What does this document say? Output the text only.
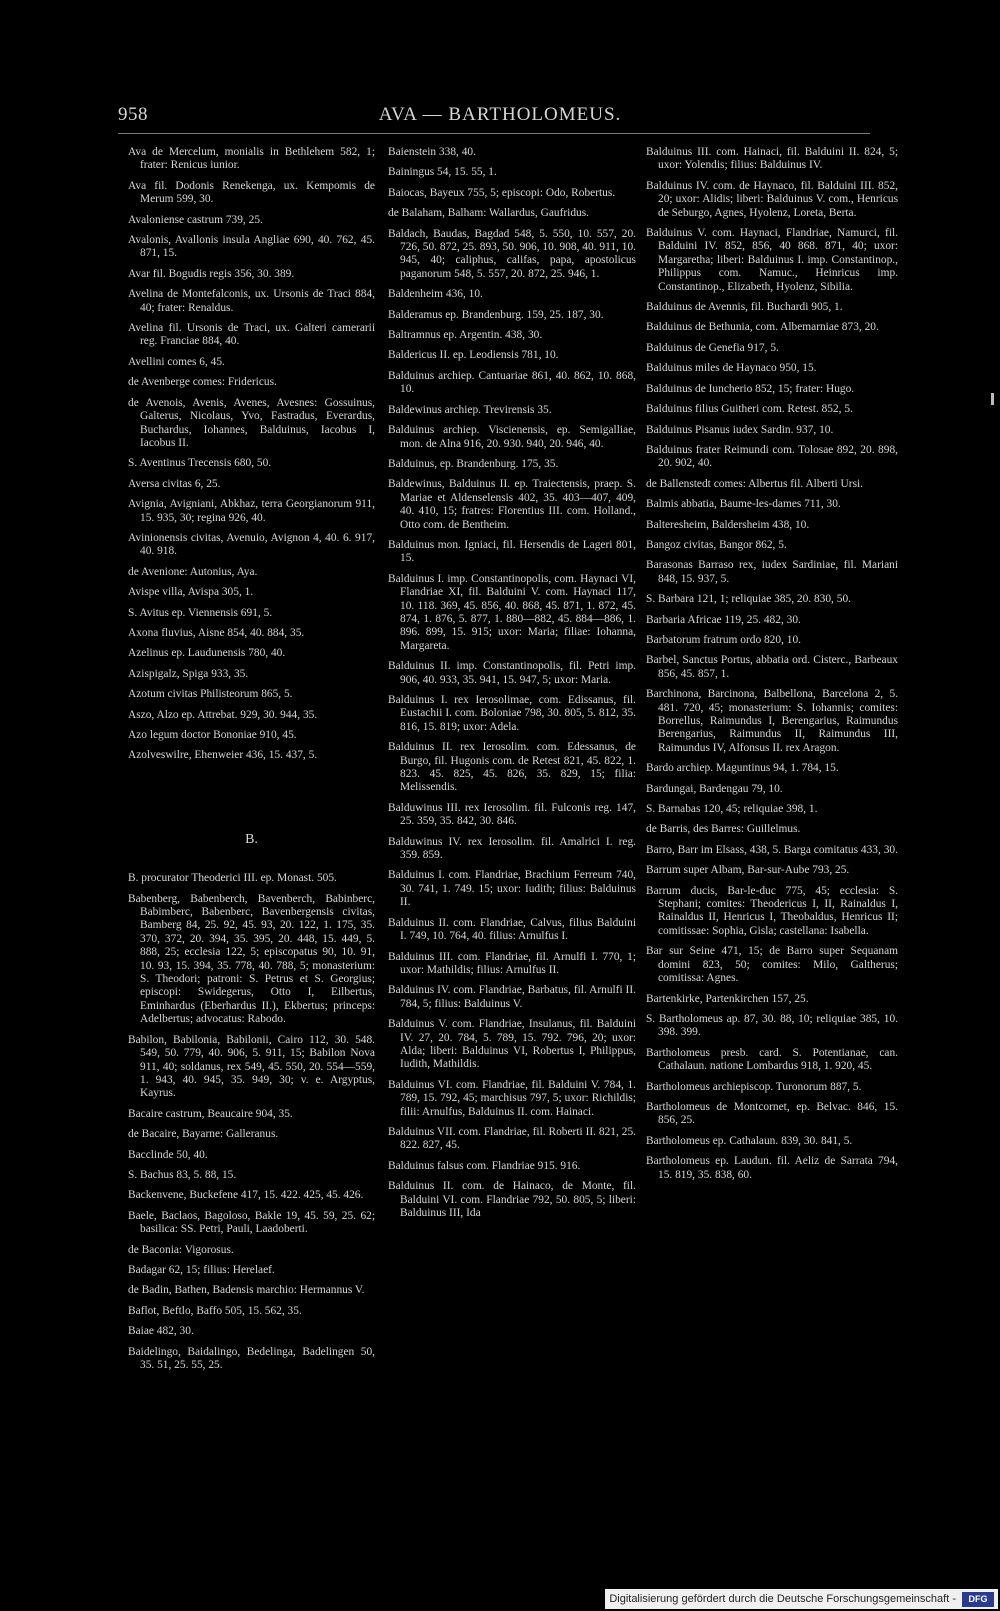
958	AVA — BARTHOLOMEUS.
Ava de Mercelum, monialis in Bethlehem 582, 1; frater: Renicus iunior.
Ava fil. Dodonis Renekenga, ux. Kempomis de Merum 599, 30.
Avaloniense castrum 739, 25.
Avalonis, Avallonis insula Angliae 690, 40. 762, 45. 871, 15.
Avar fil. Bogudis regis 356, 30. 389.
Avelina de Montefalconis, ux. Ursonis de Traci 884, 40; frater: Renaldus.
Avelina fil. Ursonis de Traci, ux. Galteri camerarii reg. Franciae 884, 40.
Avellini comes 6, 45.
de Avenberge comes: Fridericus.
de Avenois, Avenis, Avenes, Avesnes: Gossuinus, Galterus, Nicolaus, Yvo, Fastradus, Everardus, Buchardus, Iohannes, Balduinus, Iacobus I, Iacobus II.
S. Aventinus Trecensis 680, 50.
Aversa civitas 6, 25.
Avignia, Avigniani, Abkhaz, terra Georgianorum 911, 15. 935, 30; regina 926, 40.
Avinionensis civitas, Avenuio, Avignon 4, 40. 6. 917, 40. 918.
de Avenione: Autonius, Aya.
Avispe villa, Avispa 305, 1.
S. Avitus ep. Viennensis 691, 5.
Axona fluvius, Aisne 854, 40. 884, 35.
Azelinus ep. Laudunensis 780, 40.
Azispigalz, Spiga 933, 35.
Azotum civitas Philisteorum 865, 5.
Aszo, Alzo ep. Attrebat. 929, 30. 944, 35.
Azo legum doctor Bononiae 910, 45.
Azolveswilre, Ehenweier 436, 15. 437, 5.
B.
B. procurator Theoderici III. ep. Monast. 505.
Babenberg, Babenberch, Bavenberch, Babinberc, Babimberc, Babenberc, Bavenbergensis civitas, Bamberg 84, 25. 92, 45. 93, 20. 122, 1. 175, 35. 370, 372, 20. 394, 35. 395, 20. 448, 15. 449, 5. 888, 25; ecclesia 122, 5; episcopatus 90, 10. 91, 10. 93, 15. 394, 35. 778, 40. 788, 5; monasterium: S. Theodori; patroni: S. Petrus et S. Georgius; episcopi: Swidegerus, Otto I, Eilbertus, Eminhardus (Eberhardus II.), Ekbertus; princeps: Adelbertus; advocatus: Rabodo.
Babilon, Babilonia, Babilonii, Cairo 112, 30. 548. 549, 50. 779, 40. 906, 5. 911, 15; Babilon Nova 911, 40; soldanus, rex 549, 45. 550, 20. 554—559, 1. 943, 40. 945, 35. 949, 30; v. e. Argyptus, Kayrus.
Bacaire castrum, Beaucaire 904, 35.
de Bacaire, Bayarne: Galleranus.
Bacclinde 50, 40.
S. Bachus 83, 5. 88, 15.
Backenvene, Buckefene 417, 15. 422. 425, 45. 426.
Baele, Baclaos, Bagoloso, Bakle 19, 45. 59, 25. 62; basilica: SS. Petri, Pauli, Laadoberti.
de Baconia: Vigorosus.
Badagar 62, 15; filius: Herelaef.
de Badin, Bathen, Badensis marchio: Hermannus V.
Baflot, Beftlo, Baffo 505, 15. 562, 35.
Baiae 482, 30.
Baidelingo, Baidalingo, Bedelinga, Badelingen 50, 35. 51, 25. 55, 25.
Baienstein 338, 40.
Bainingus 54, 15. 55, 1.
Baiocas, Bayeux 755, 5; episcopi: Odo, Robertus.
de Balaham, Balham: Wallardus, Gaufridus.
Baldach, Baudas, Bagdad 548, 5. 550, 10. 557, 20. 726, 50. 872, 25. 893, 50. 906, 10. 908, 40. 911, 10. 945, 40; caliphus, califas, papa, apostolicus paganorum 548, 5. 557, 20. 872, 25. 946, 1.
Baldenheim 436, 10.
Balderamus ep. Brandenburg. 159, 25. 187, 30.
Baltramnus ep. Argentin. 438, 30.
Baldericus II. ep. Leodiensis 781, 10.
Balduinus archiep. Cantuariae 861, 40. 862, 10. 868, 10.
Baldewinus archiep. Trevirensis 35.
Balduinus archiep. Viscienensis, ep. Semigalliae, mon. de Alna 916, 20. 930. 940, 20. 946, 40.
Balduinus, ep. Brandenburg. 175, 35.
Baldewinus, Balduinus II. ep. Traiectensis, praep. S. Mariae et Aldenselensis 402, 35. 403—407, 409, 40. 410, 15; fratres: Florentius III. com. Holland., Otto com. de Bentheim.
Balduinus mon. Igniaci, fil. Hersendis de Lageri 801, 15.
Balduinus I. imp. Constantinopolis, com. Haynaci VI, Flandriae XI, fil. Balduini V. com. Haynaci 117, 10. 118. 369, 45. 856, 40. 868, 45. 871, 1. 872, 45. 874, 1. 876, 5. 877, 1. 880—882, 45. 884—886, 1. 896. 899, 15. 915; uxor: Maria; filiae: Iohanna, Margareta.
Balduinus II. imp. Constantinopolis, fil. Petri imp. 906, 40. 933, 35. 941, 15. 947, 5; uxor: Maria.
Balduinus I. rex Ierosolimae, com. Edissanus, fil. Eustachii I. com. Boloniae 798, 30. 805, 5. 812, 35. 816, 15. 819; uxor: Adela.
Balduinus II. rex Ierosolim. com. Edessanus, de Burgo, fil. Hugonis com. de Retest 821, 45. 822, 1. 823. 45. 825, 45. 826, 35. 829, 15; filia: Melissendis.
Balduwinus III. rex Ierosolim. fil. Fulconis reg. 147, 25. 359, 35. 842, 30. 846.
Balduwinus IV. rex Ierosolim. fil. Amalrici I. reg. 359. 859.
Balduinus I. com. Flandriae, Brachium Ferreum 740, 30. 741, 1. 749. 15; uxor: Iudith; filius: Balduinus II.
Balduinus II. com. Flandriae, Calvus, filius Balduini I. 749, 10. 764, 40. filius: Arnulfus I.
Balduinus III. com. Flandriae, fil. Arnulfi I. 770, 1; uxor: Mathildis; filius: Arnulfus II.
Balduinus IV. com. Flandriae, Barbatus, fil. Arnulfi II. 784, 5; filius: Balduinus V.
Balduinus V. com. Flandriae, Insulanus, fil. Balduini IV. 27, 20. 784, 5. 789, 15. 792. 796, 20; uxor: Alda; liberi: Balduinus VI, Robertus I, Philippus, Iudith, Mathildis.
Balduinus VI. com. Flandriae, fil. Balduini V. 784, 1. 789, 15. 792, 45; marchisus 797, 5; uxor: Richildis; filii: Arnulfus, Balduinus II. com. Hainaci.
Balduinus VII. com. Flandriae, fil. Roberti II. 821, 25. 822. 827, 45.
Balduinus falsus com. Flandriae 915. 916.
Balduinus II. com. de Hainaco, de Monte, fil. Balduini VI. com. Flandriae 792, 50. 805, 5; liberi: Balduinus III, Ida
Balduinus III. com. Hainaci, fil. Balduini II. 824, 5; uxor: Yolendis; filius: Balduinus IV.
Balduinus IV. com. de Haynaco, fil. Balduini III. 852, 20; uxor: Alidis; liberi: Balduinus V. com., Henricus de Seburgo, Agnes, Hyolenz, Loreta, Berta.
Balduinus V. com. Haynaci, Flandriae, Namurci, fil. Balduini IV. 852, 856, 40 868. 871, 40; uxor: Margaretha; liberi: Balduinus I. imp. Constantinop., Philippus com. Namuc., Heinricus imp. Constantinop., Elizabeth, Hyolenz, Sibilia.
Balduinus de Avennis, fil. Buchardi 905, 1.
Balduinus de Bethunia, com. Albemarniae 873, 20.
Balduinus de Genefia 917, 5.
Balduinus miles de Haynaco 950, 15.
Balduinus de Iuncherio 852, 15; frater: Hugo.
Balduinus filius Guitheri com. Retest. 852, 5.
Balduinus Pisanus iudex Sardin. 937, 10.
Balduinus frater Reimundi com. Tolosae 892, 20. 898, 20. 902, 40.
de Ballenstedt comes: Albertus fil. Alberti Ursi.
Balmis abbatia, Baume-les-dames 711, 30.
Balteresheim, Baldersheim 438, 10.
Bangoz civitas, Bangor 862, 5.
Barasonas Barraso rex, iudex Sardiniae, fil. Mariani 848, 15. 937, 5.
S. Barbara 121, 1; reliquiae 385, 20. 830, 50.
Barbaria Africae 119, 25. 482, 30.
Barbatorum fratrum ordo 820, 10.
Barbel, Sanctus Portus, abbatia ord. Cisterc., Barbeaux 856, 45. 857, 1.
Barchinona, Barcinona, Balbellona, Barcelona 2, 5. 481. 720, 45; monasterium: S. Iohannis; comites: Borrellus, Raimundus I, Berengarius, Raimundus Berengarius, Raimundus II, Raimundus III, Raimundus IV, Alfonsus II. rex Aragon.
Bardo archiep. Maguntinus 94, 1. 784, 15.
Bardungai, Bardengau 79, 10.
S. Barnabas 120, 45; reliquiae 398, 1.
de Barris, des Barres: Guillelmus.
Barro, Barr im Elsass, 438, 5. Barga comitatus 433, 30.
Barrum super Albam, Bar-sur-Aube 793, 25.
Barrum ducis, Bar-le-duc 775, 45; ecclesia: S. Stephani; comites: Theodericus I, II, Rainaldus I, Rainaldus II, Henricus I, Theobaldus, Henricus II; comitissae: Sophia, Gisla; castellana: Isabella.
Bar sur Seine 471, 15; de Barro super Sequanam domini 823, 50; comites: Milo, Galtherus; comitissa: Agnes.
Bartenkirke, Partenkirchen 157, 25.
S. Bartholomeus ap. 87, 30. 88, 10; reliquiae 385, 10. 398. 399.
Bartholomeus presb. card. S. Potentianae, can. Cathalaun. natione Lombardus 918, 1. 920, 45.
Bartholomeus archiepiscop. Turonorum 887, 5.
Bartholomeus de Montcornet, ep. Belvac. 846, 15. 856, 25.
Bartholomeus ep. Cathalaun. 839, 30. 841, 5.
Bartholomeus ep. Laudun. fil. Aeliz de Sarrata 794, 15. 819, 35. 838, 60.
Digitalisierung gefördert durch die Deutsche Forschungsgemeinschaft -	DFG
